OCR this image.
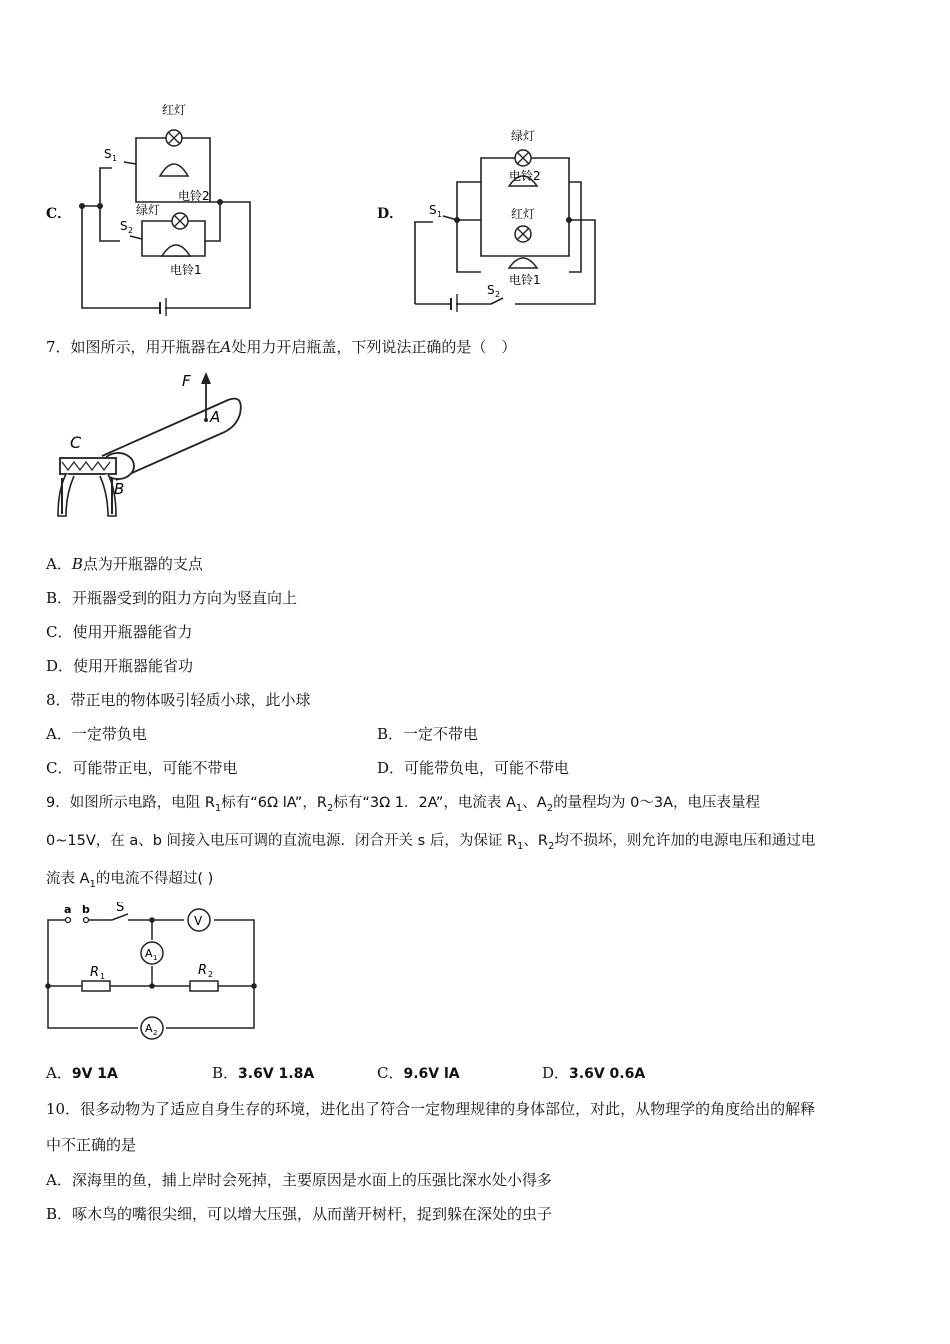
C．
红灯
电铃2
绿灯
电铃1
S 1
S 2
D．
绿灯
电铃2
红灯
电铃1
S 1
S 2
7．如图所示，用开瓶器在A处用力开启瓶盖，下列说法正确的是（　）
F
A
C
B
A．B点为开瓶器的支点
B．开瓶器受到的阻力方向为竖直向上
C．使用开瓶器能省力
D．使用开瓶器能省功
8．带正电的物体吸引轻质小球，此小球
A．一定带负电	B．一定不带电
C．可能带正电，可能不带电	D．可能带负电，可能不带电
9．如图所示电路，电阻 $R_1$标有“6Ω lA”，$R_2$标有“3Ω 1．2A”，电流表 $A_1$、$A_2$的量程均为 0～3A，电压表量程
0~15V，在 a、b 间接入电压可调的直流电源．闭合开关 s 后，为保证 $R_1$、$R_2$均不损坏，则允许加的电源电压和通过电
流表 $A_1$的电流不得超过( )
a b S
V
A 1
A 2
R 1	R 2
A．9V 1A	B．3.6V 1.8A	C．9.6V lA	D．3.6V 0.6A
10．很多动物为了适应自身生存的环境，进化出了符合一定物理规律的身体部位，对此，从物理学的角度给出的解释
中不正确的是
A．深海里的鱼，捕上岸时会死掉，主要原因是水面上的压强比深水处小得多
B．啄木鸟的嘴很尖细，可以增大压强，从而凿开树杆，捉到躲在深处的虫子
